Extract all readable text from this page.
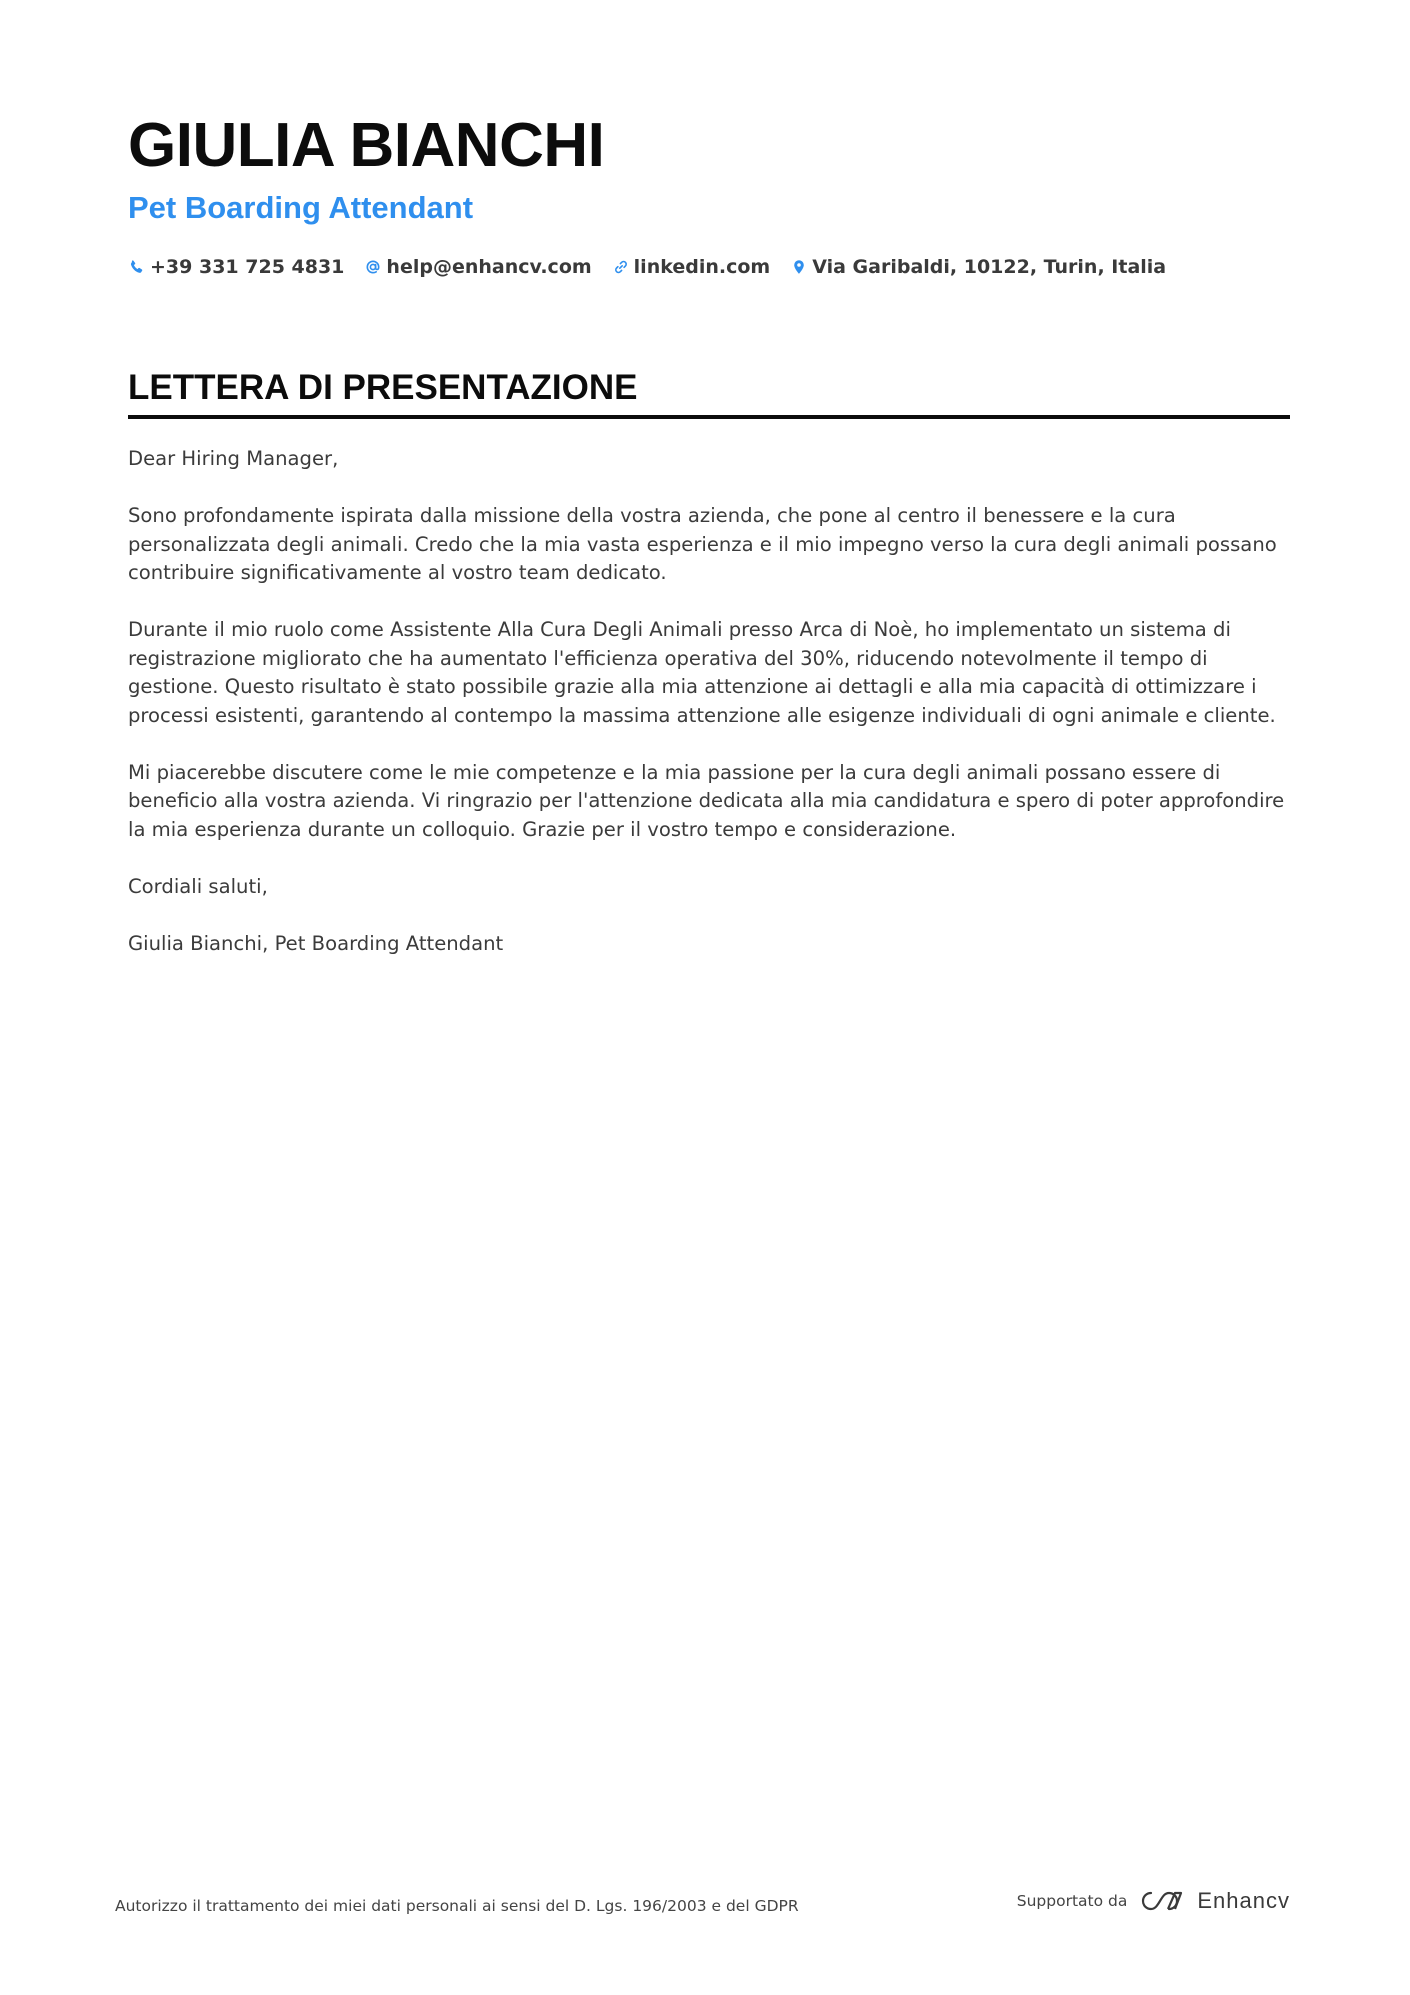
GIULIA BIANCHI
Pet Boarding Attendant
+39 331 725 4831 help@enhancv.com linkedin.com Via Garibaldi, 10122, Turin, Italia
LETTERA DI PRESENTAZIONE

Dear Hiring Manager,

Sono profondamente ispirata dalla missione della vostra azienda, che pone al centro il benessere e la cura personalizzata degli animali. Credo che la mia vasta esperienza e il mio impegno verso la cura degli animali possano contribuire significativamente al vostro team dedicato.

Durante il mio ruolo come Assistente Alla Cura Degli Animali presso Arca di Noè, ho implementato un sistema di registrazione migliorato che ha aumentato l'efficienza operativa del 30%, riducendo notevolmente il tempo di gestione. Questo risultato è stato possibile grazie alla mia attenzione ai dettagli e alla mia capacità di ottimizzare i processi esistenti, garantendo al contempo la massima attenzione alle esigenze individuali di ogni animale e cliente.

Mi piacerebbe discutere come le mie competenze e la mia passione per la cura degli animali possano essere di beneficio alla vostra azienda. Vi ringrazio per l'attenzione dedicata alla mia candidatura e spero di poter approfondire la mia esperienza durante un colloquio. Grazie per il vostro tempo e considerazione.

Cordiali saluti,

Giulia Bianchi, Pet Boarding Attendant

Autorizzo il trattamento dei miei dati personali ai sensi del D. Lgs. 196/2003 e del GDPR	Supportato da	Enhancv
